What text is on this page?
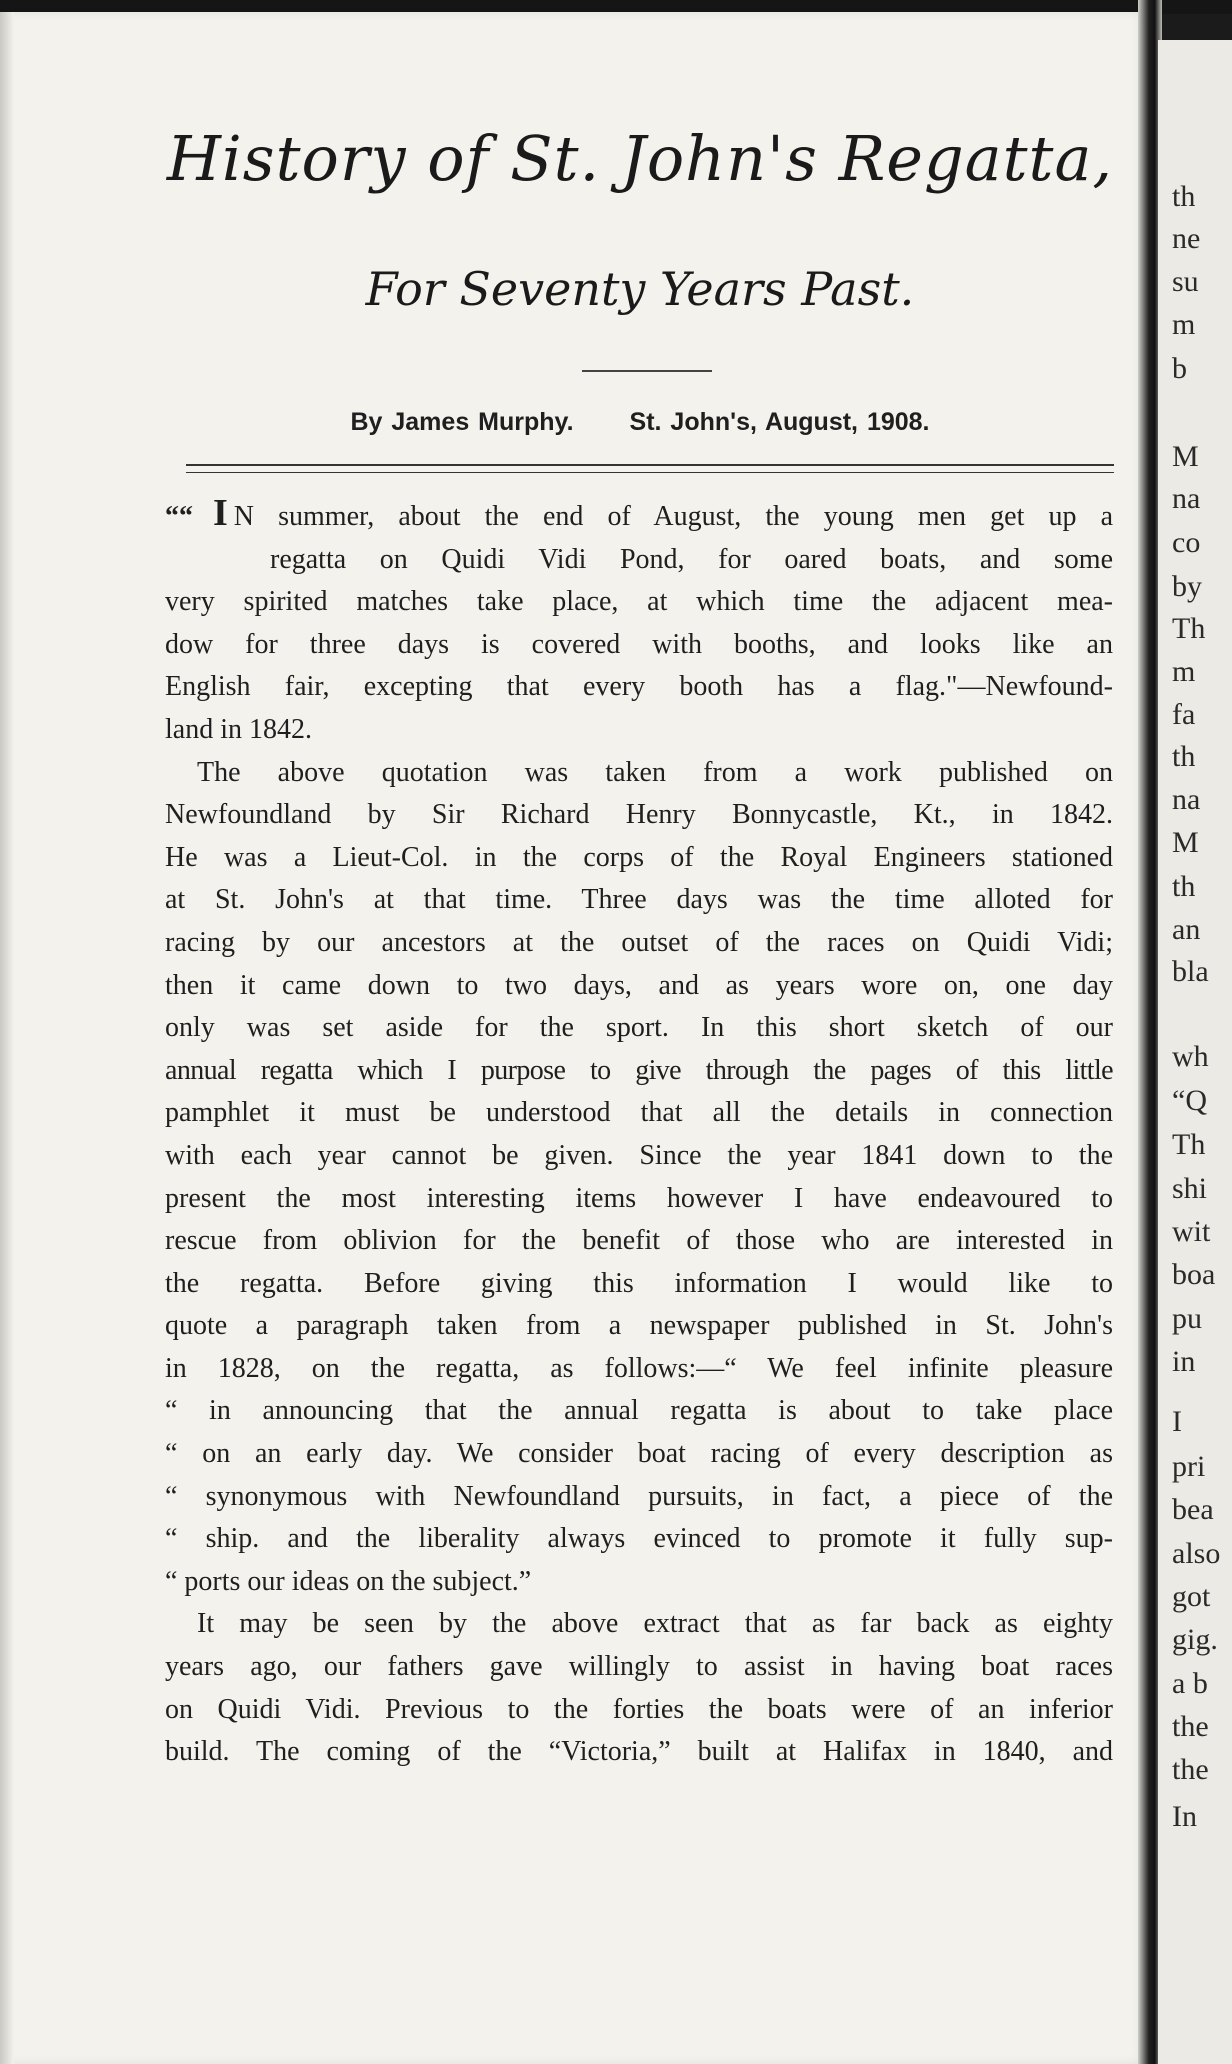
History of St. John's Regatta,
For Seventy Years Past.
By James Murphy. St. John's, August, 1908.
““ I N summer, about the end of August, the young men get up a
regatta on Quidi Vidi Pond, for oared boats, and some
very spirited matches take place, at which time the adjacent mea-
dow for three days is covered with booths, and looks like an
English fair, excepting that every booth has a flag."—Newfound-
land in 1842.
The above quotation was taken from a work published on
Newfoundland by Sir Richard Henry Bonnycastle, Kt., in 1842.
He was a Lieut-Col. in the corps of the Royal Engineers stationed
at St. John's at that time. Three days was the time alloted for
racing by our ancestors at the outset of the races on Quidi Vidi;
then it came down to two days, and as years wore on, one day
only was set aside for the sport. In this short sketch of our
annual regatta which I purpose to give through the pages of this little
pamphlet it must be understood that all the details in connection
with each year cannot be given. Since the year 1841 down to the
present the most interesting items however I have endeavoured to
rescue from oblivion for the benefit of those who are interested in
the regatta. Before giving this information I would like to
quote a paragraph taken from a newspaper published in St. John's
in 1828, on the regatta, as follows:—“ We feel infinite pleasure
“ in announcing that the annual regatta is about to take place
“ on an early day. We consider boat racing of every description as
“ synonymous with Newfoundland pursuits, in fact, a piece of the
“ ship. and the liberality always evinced to promote it fully sup-
“ ports our ideas on the subject.”
It may be seen by the above extract that as far back as eighty
years ago, our fathers gave willingly to assist in having boat races
on Quidi Vidi. Previous to the forties the boats were of an inferior
build. The coming of the “Victoria,” built at Halifax in 1840, and
th
ne
su
m
b
M
na
co
by
Th
m
fa
th
na
M
th
an
bla
wh
“Q
Th
shi
wit
boa
pu
in
I
pri
bea
also
got
gig.
a b
the
the
In
